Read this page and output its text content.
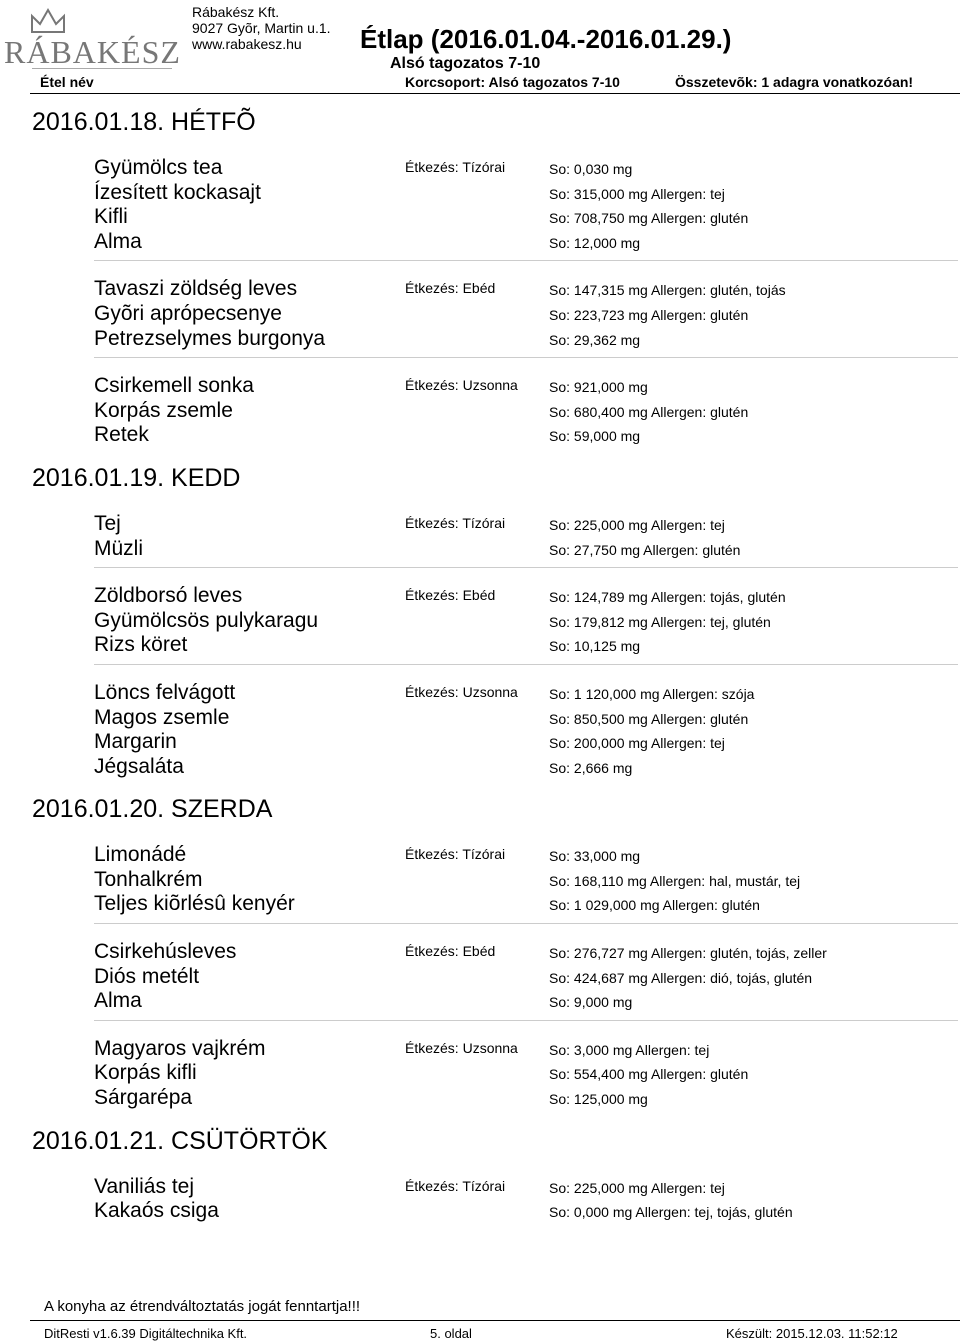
RÁBAKÉSZ
Rábakész Kft.
9027 Gyõr, Martin u.1.
www.rabakesz.hu	Étlap (2016.01.04.-2016.01.29.)
Alsó tagozatos 7-10
Étel név	Korcsoport: Alsó tagozatos 7-10	Összetevõk: 1 adagra vonatkozóan!
2016.01.18. HÉTFÕ
Étkezés: Tízórai
Gyümölcs tea	So: 0,030 mg
Ízesített kockasajt	So: 315,000 mg Allergen: tej
Kifli	So: 708,750 mg Allergen: glutén
Alma	So: 12,000 mg
Étkezés: Ebéd
Tavaszi zöldség leves	So: 147,315 mg Allergen: glutén, tojás
Gyõri aprópecsenye	So: 223,723 mg Allergen: glutén
Petrezselymes burgonya	So: 29,362 mg
Étkezés: Uzsonna
Csirkemell sonka	So: 921,000 mg
Korpás zsemle	So: 680,400 mg Allergen: glutén
Retek	So: 59,000 mg
2016.01.19. KEDD
Étkezés: Tízórai
Tej	So: 225,000 mg Allergen: tej
Müzli	So: 27,750 mg Allergen: glutén
Étkezés: Ebéd
Zöldborsó leves	So: 124,789 mg Allergen: tojás, glutén
Gyümölcsös pulykaragu	So: 179,812 mg Allergen: tej, glutén
Rizs köret	So: 10,125 mg
Étkezés: Uzsonna
Löncs felvágott	So: 1 120,000 mg Allergen: szója
Magos zsemle	So: 850,500 mg Allergen: glutén
Margarin	So: 200,000 mg Allergen: tej
Jégsaláta	So: 2,666 mg
2016.01.20. SZERDA
Étkezés: Tízórai
Limonádé	So: 33,000 mg
Tonhalkrém	So: 168,110 mg Allergen: hal, mustár, tej
Teljes kiõrlésû kenyér	So: 1 029,000 mg Allergen: glutén
Étkezés: Ebéd
Csirkehúsleves	So: 276,727 mg Allergen: glutén, tojás, zeller
Diós metélt	So: 424,687 mg Allergen: dió, tojás, glutén
Alma	So: 9,000 mg
Étkezés: Uzsonna
Magyaros vajkrém	So: 3,000 mg Allergen: tej
Korpás kifli	So: 554,400 mg Allergen: glutén
Sárgarépa	So: 125,000 mg
2016.01.21. CSÜTÖRTÖK
Étkezés: Tízórai
Vaniliás tej	So: 225,000 mg Allergen: tej
Kakaós csiga	So: 0,000 mg Allergen: tej, tojás, glutén
A konyha az étrendváltoztatás jogát fenntartja!!!
DitResti v1.6.39 Digitáltechnika Kft.	5. oldal	Készült: 2015.12.03. 11:52:12
